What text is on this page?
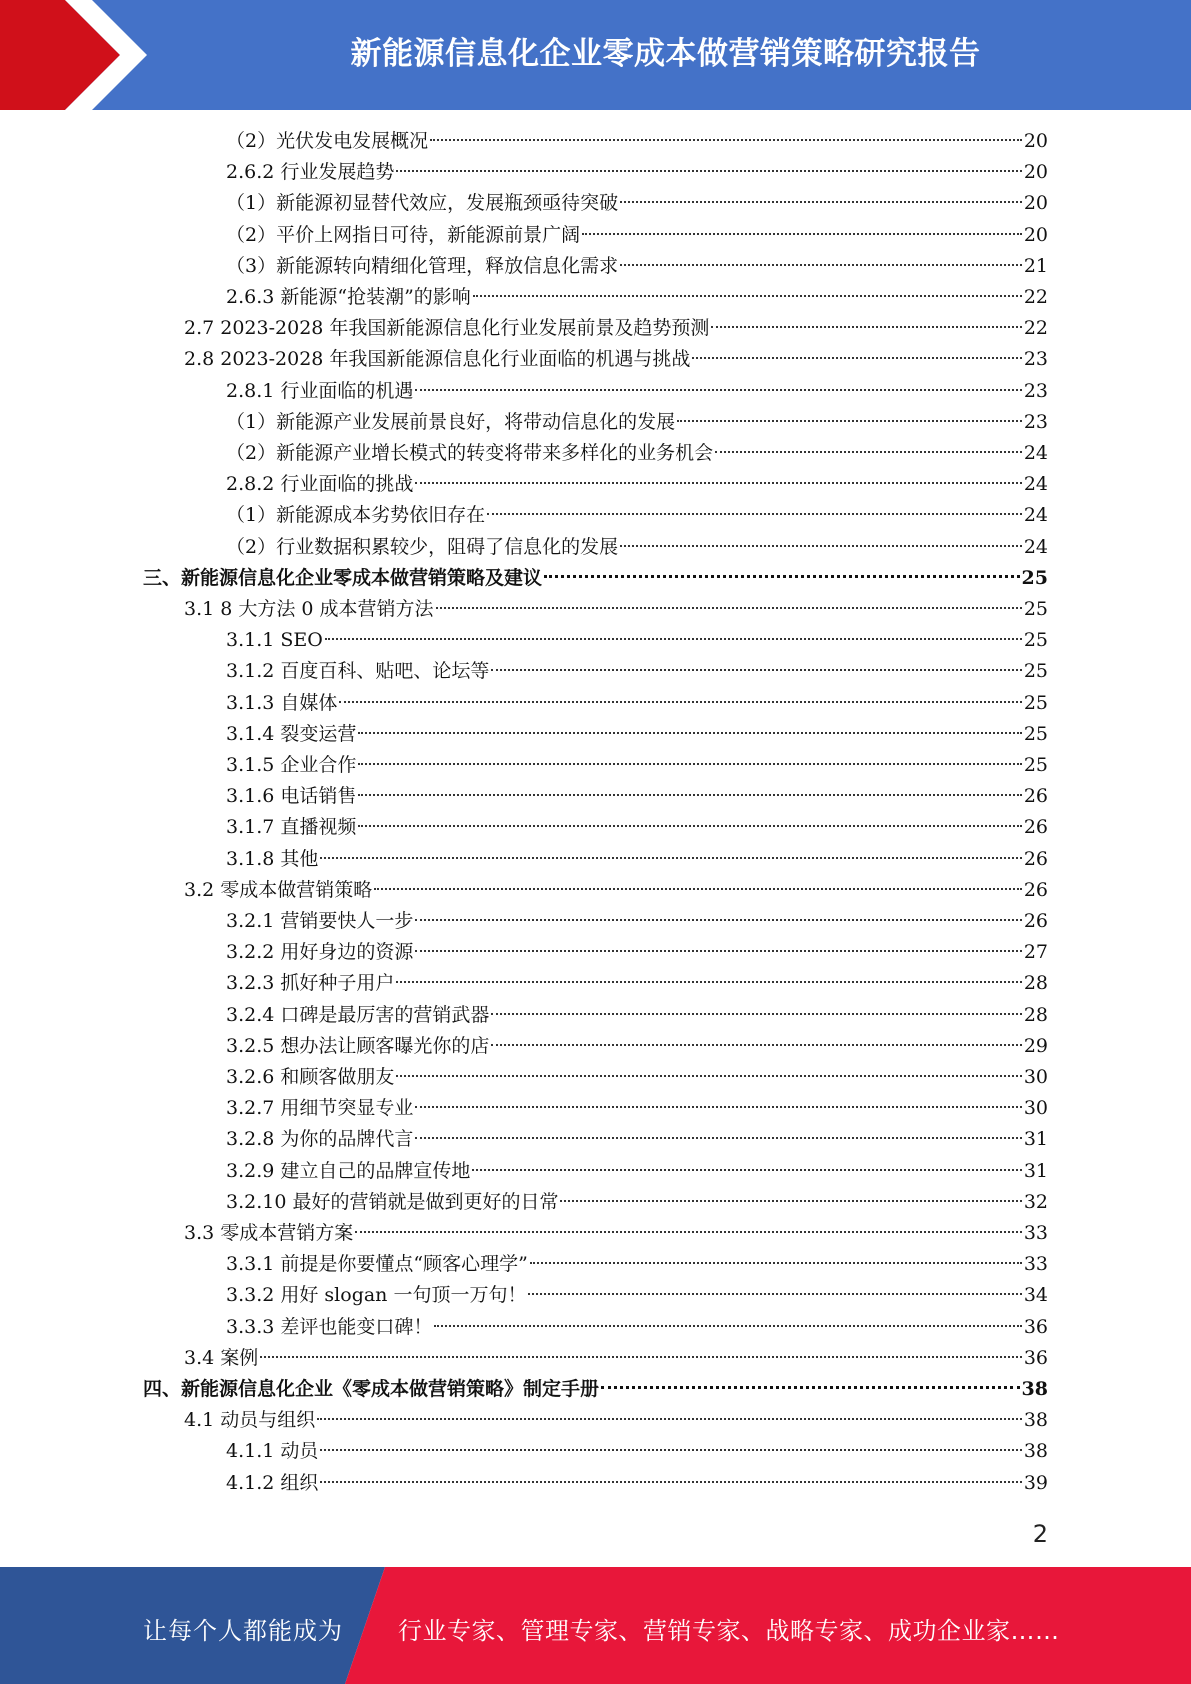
新能源信息化企业零成本做营销策略研究报告
（2）光伏发电发展概况	20
2.6.2 行业发展趋势	20
（1）新能源初显替代效应，发展瓶颈亟待突破	20
（2）平价上网指日可待，新能源前景广阔	20
（3）新能源转向精细化管理，释放信息化需求	21
2.6.3 新能源“抢装潮”的影响	22
2.7 2023-2028 年我国新能源信息化行业发展前景及趋势预测	22
2.8 2023-2028 年我国新能源信息化行业面临的机遇与挑战	23
2.8.1 行业面临的机遇	23
（1）新能源产业发展前景良好，将带动信息化的发展	23
（2）新能源产业增长模式的转变将带来多样化的业务机会	24
2.8.2 行业面临的挑战	24
（1）新能源成本劣势依旧存在	24
（2）行业数据积累较少，阻碍了信息化的发展	24
三、新能源信息化企业零成本做营销策略及建议	25
3.1 8 大方法 0 成本营销方法	25
3.1.1 SEO	25
3.1.2 百度百科、贴吧、论坛等	25
3.1.3 自媒体	25
3.1.4 裂变运营	25
3.1.5 企业合作	25
3.1.6 电话销售	26
3.1.7 直播视频	26
3.1.8 其他	26
3.2 零成本做营销策略	26
3.2.1 营销要快人一步	26
3.2.2 用好身边的资源	27
3.2.3 抓好种子用户	28
3.2.4 口碑是最厉害的营销武器	28
3.2.5 想办法让顾客曝光你的店	29
3.2.6 和顾客做朋友	30
3.2.7 用细节突显专业	30
3.2.8 为你的品牌代言	31
3.2.9 建立自己的品牌宣传地	31
3.2.10 最好的营销就是做到更好的日常	32
3.3 零成本营销方案	33
3.3.1 前提是你要懂点“顾客心理学”	33
3.3.2 用好 slogan 一句顶一万句！	34
3.3.3 差评也能变口碑！	36
3.4 案例	36
四、新能源信息化企业《零成本做营销策略》制定手册	38
4.1 动员与组织	38
4.1.1 动员	38
4.1.2 组织	39
2
让每个人都能成为 行业专家、管理专家、营销专家、战略专家、成功企业家……
